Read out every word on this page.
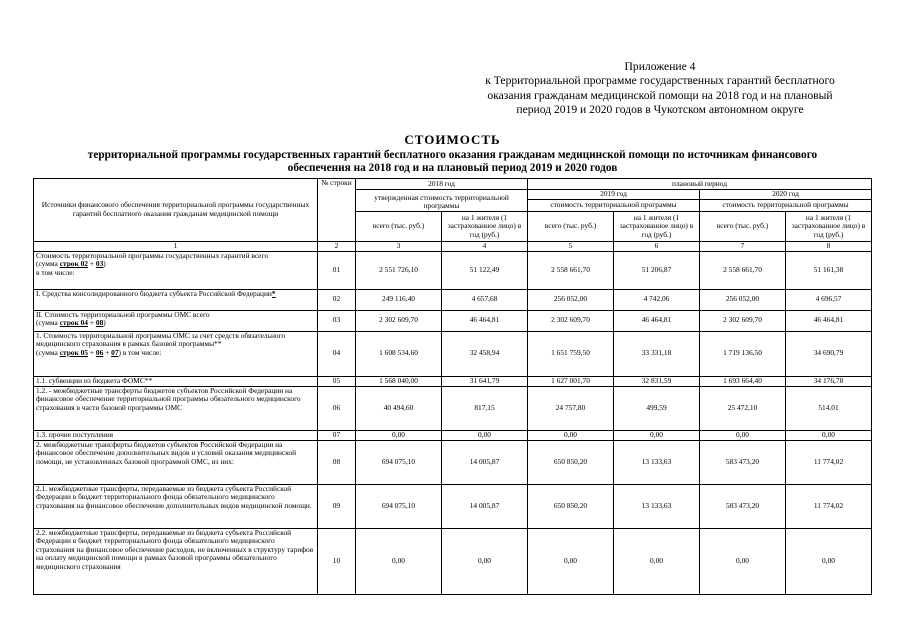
Приложение 4
к Территориальной программе государственных гарантий бесплатного
оказания гражданам медицинской помощи на 2018 год и на плановый
период 2019 и 2020 годов в Чукотском автономном округе
СТОИМОСТЬ
территориальной программы государственных гарантий бесплатного оказания гражданам медицинской помощи по источникам финансового
обеспечения на 2018 год и на плановый период 2019 и 2020 годов
Источники финансового обеспечения территориальной программы государственных гарантий бесплатного оказания гражданам медицинской помощи	№ строки	2018 год		плановый период			
		утвержденная стоимость территориальной программы		2019 год		2020 год	
				стоимость территориальной программы		стоимость территориальной программы	
		всего (тыс. руб.)	на 1 жителя (1 застрахованное лицо) в год (руб.)	всего (тыс. руб.)	на 1 жителя (1 застрахованное лицо) в год (руб.)	всего (тыс. руб.)	на 1 жителя (1 застрахованное лицо) в год (руб.)
1	2	3	4	5	6	7	8
Стоимость территориальной программы государственных гарантий всего
(сумма строк 02 + 03)
в том числе:	01	2 551 726,10	51 122,49	2 558 661,70	51 206,87	2 558 661,70	51 161,38
I. Средства консолидированного бюджета субъекта Российской Федерации*	02	249 116,40	4 657,68	256 052,00	4 742,06	256 052,00	4 696,57
II. Стоимость территориальной программы ОМС всего
(сумма строк 04 + 08)	03	2 302 609,70	46 464,81	2 302 609,70	46 464,81	2 302 609,70	46 464,81
1. Стоимость территориальной программы ОМС за счет средств обязательного медицинского страхования в рамках базовой программы**
(сумма строк 05 + 06 + 07) в том числе:	04	1 608 534,60	32 458,94	1 651 759,50	33 331,18	1 719 136,50	34 690,79
1.1. субвенции из бюджета ФОМС**	05	1 568 040,00	31 641,79	1 627 001,70	32 831,59	1 693 664,40	34 176,78
1.2. - межбюджетные трансферты бюджетов субъектов Российской Федерации на финансовое обеспечение территориальной программы обязательного медицинского страхования в части базовой программы ОМС	06	40 494,60	817,15	24 757,80	499,59	25 472,10	514,01
1.3. прочие поступления	07	0,00	0,00	0,00	0,00	0,00	0,00
2. межбюджетные трансферты бюджетов субъектов Российской Федерации на финансовое обеспечение дополнительных видов и условий оказания медицинской помощи, не установленных базовой программой ОМС, из них:	08	694 075,10	14 005,87	650 850,20	13 133,63	583 473,20	11 774,02
2.1. межбюджетные трансферты, передаваемые из бюджета субъекта Российской Федерации в бюджет территориального фонда обязательного медицинского страхования на финансовое обеспечение дополнительных видов медицинской помощи.	09	694 075,10	14 005,87	650 850,20	13 133,63	583 473,20	11 774,02
2.2. межбюджетные трансферты, передаваемые из бюджета субъекта Российской Федерации в бюджет территориального фонда обязательного медицинского страхования на финансовое обеспечение расходов, не включенных в структуру тарифов на оплату медицинской помощи в рамках базовой программы обязательного медицинского страхования	10	0,00	0,00	0,00	0,00	0,00	0,00
